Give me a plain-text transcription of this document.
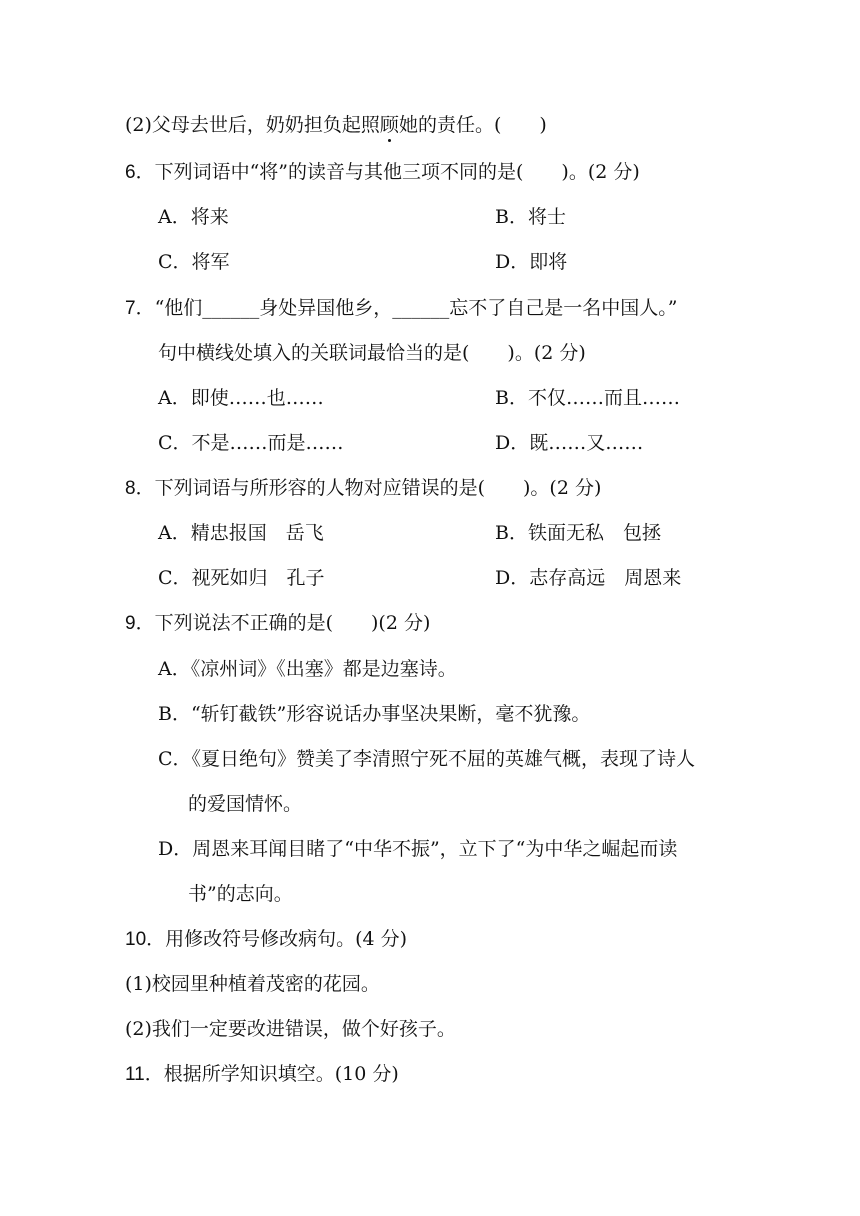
(2)父母去世后，奶奶担负起照顾她的责任。(　　)
6．下列词语中“将”的读音与其他三项不同的是(　　)。(2 分)
A．将来	B．将士
C．将军	D．即将
7．“他们______身处异国他乡，______忘不了自己是一名中国人。”
句中横线处填入的关联词最恰当的是(　　)。(2 分)
A．即使……也……	B．不仅……而且……
C．不是……而是……	D．既……又……
8．下列词语与所形容的人物对应错误的是(　　)。(2 分)
A．精忠报国　岳飞	B．铁面无私　包拯
C．视死如归　孔子	D．志存高远　周恩来
9．下列说法不正确的是(　　)(2 分)
A．《凉州词》《出塞》都是边塞诗。
B．“斩钉截铁”形容说话办事坚决果断，毫不犹豫。
C．《夏日绝句》赞美了李清照宁死不屈的英雄气概，表现了诗人
的爱国情怀。
D．周恩来耳闻目睹了“中华不振”，立下了“为中华之崛起而读
书”的志向。
10．用修改符号修改病句。(4 分)
(1)校园里种植着茂密的花园。
(2)我们一定要改进错误，做个好孩子。
11．根据所学知识填空。(10 分)
